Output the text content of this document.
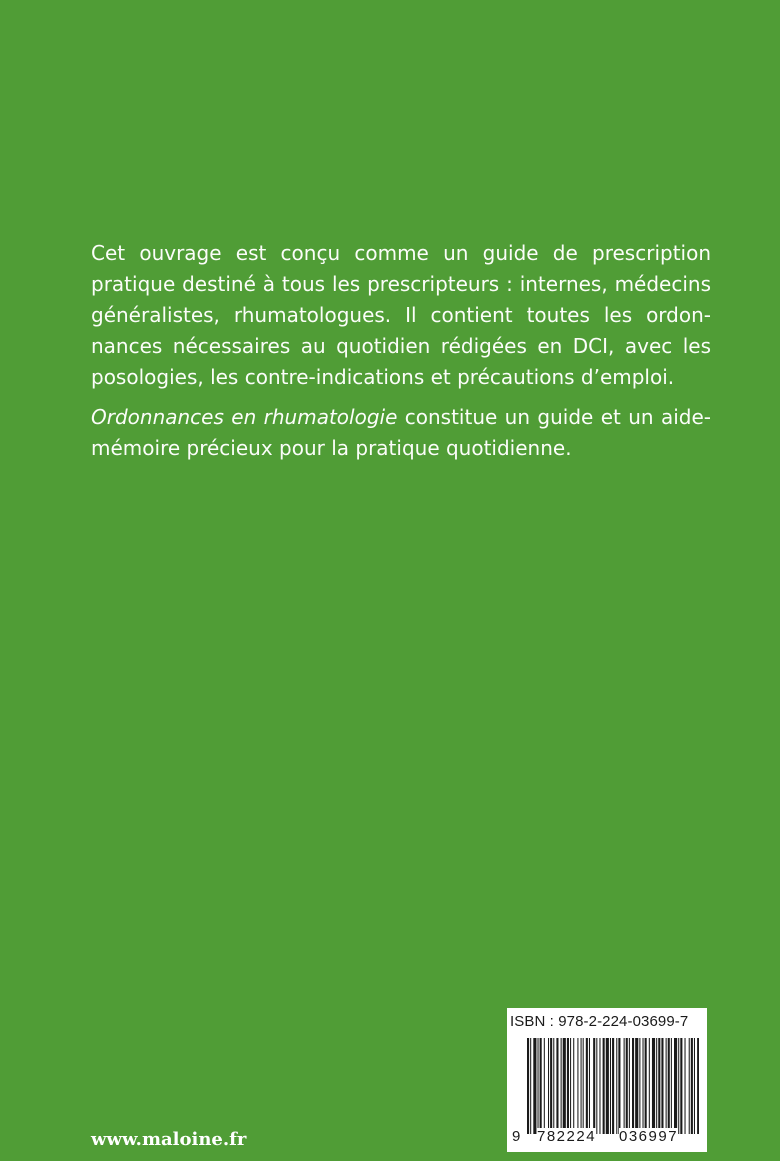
Cet ouvrage est conçu comme un guide de prescription pratique destiné à tous les prescripteurs : internes, médecins généralistes, rhumatologues. Il contient toutes les ordonnances nécessaires au quotidien rédigées en DCI, avec les posologies, les contre-indications et précautions d’emploi.

Ordonnances en rhumatologie constitue un guide et un aide-mémoire précieux pour la pratique quotidienne.

www.maloine.fr
ISBN : 978-2-224-03699-7
9 782224 036997
